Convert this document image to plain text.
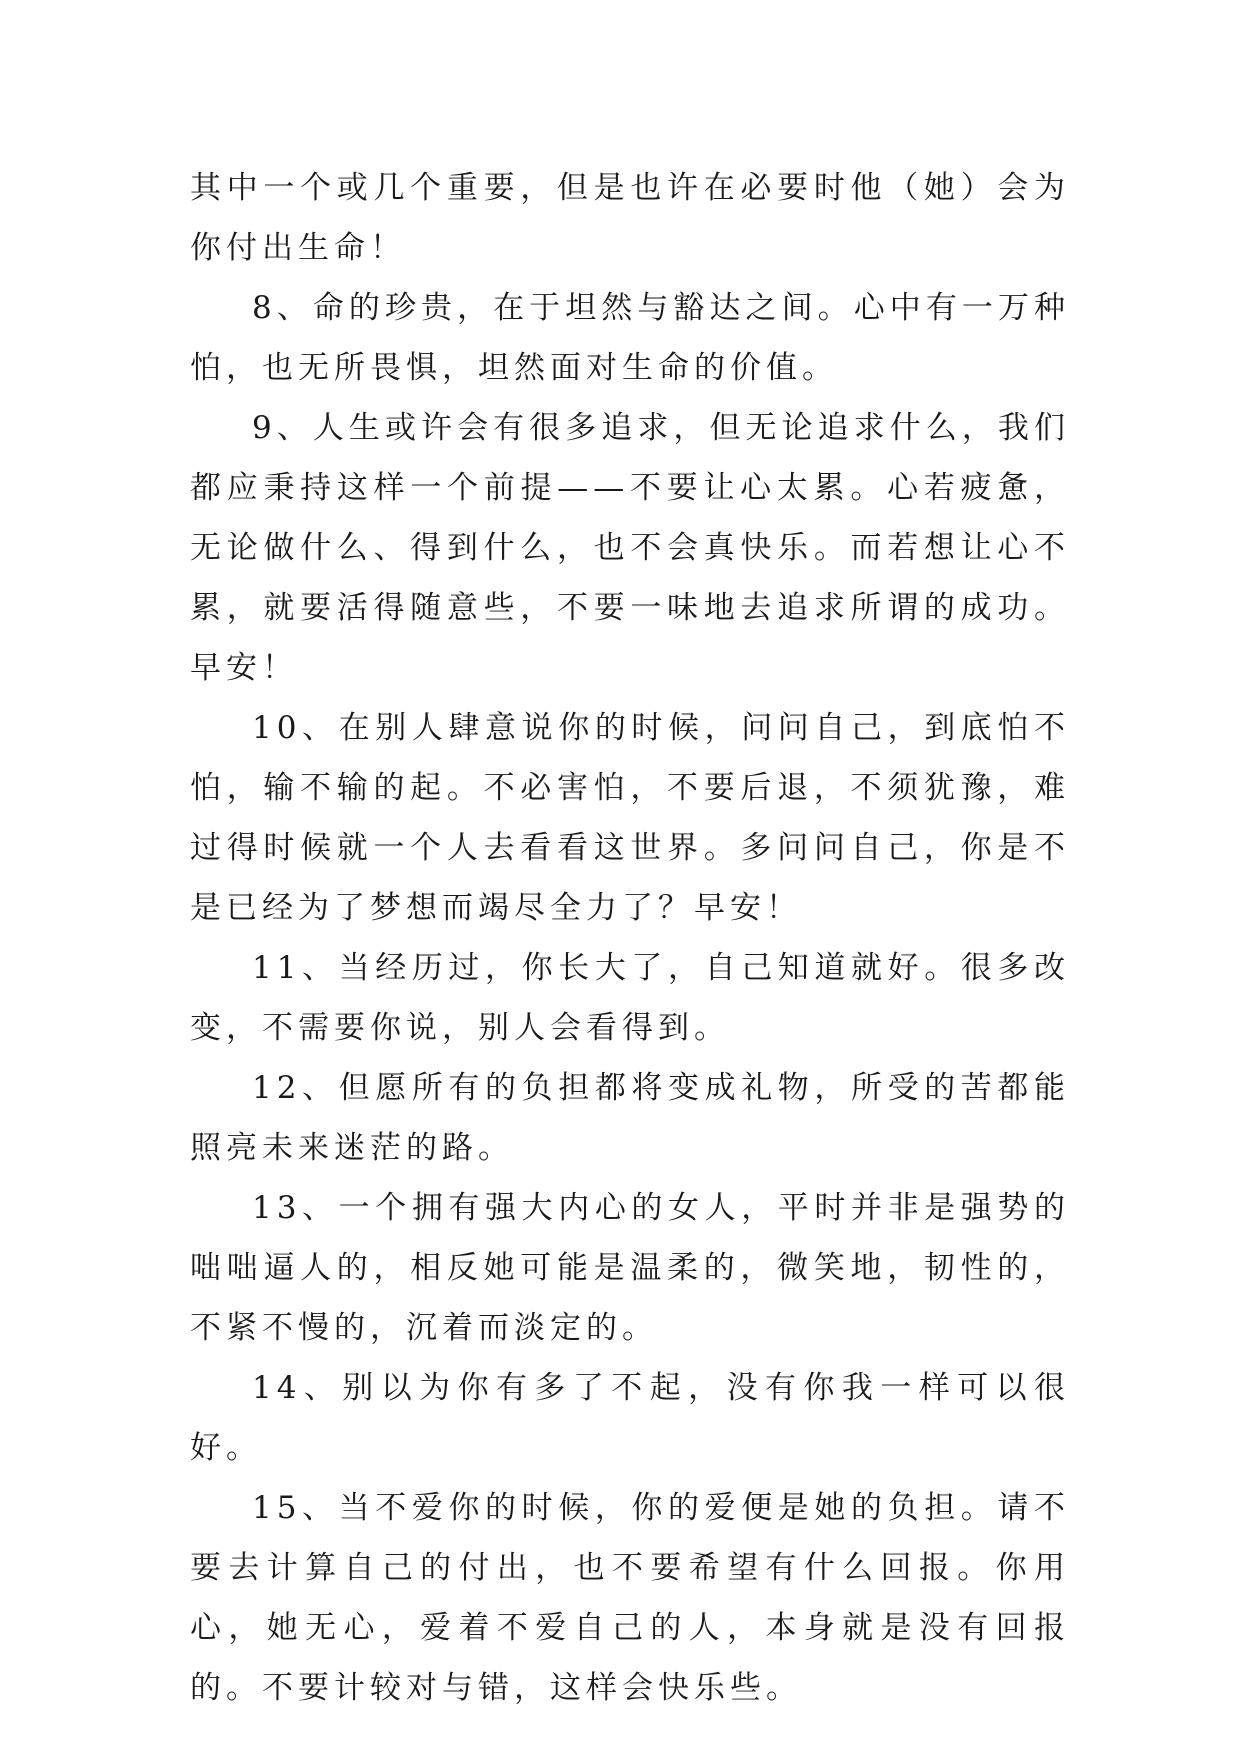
其中一个或几个重要，但是也许在必要时他（她）会为你付出生命！

8、命的珍贵，在于坦然与豁达之间。心中有一万种怕，也无所畏惧，坦然面对生命的价值。

9、人生或许会有很多追求，但无论追求什么，我们都应秉持这样一个前提——不要让心太累。心若疲惫，无论做什么、得到什么，也不会真快乐。而若想让心不累，就要活得随意些，不要一味地去追求所谓的成功。早安！

10、在别人肆意说你的时候，问问自己，到底怕不怕，输不输的起。不必害怕，不要后退，不须犹豫，难过得时候就一个人去看看这世界。多问问自己，你是不是已经为了梦想而竭尽全力了？早安！

11、当经历过，你长大了，自己知道就好。很多改变，不需要你说，别人会看得到。

12、但愿所有的负担都将变成礼物，所受的苦都能照亮未来迷茫的路。

13、一个拥有强大内心的女人，平时并非是强势的咄咄逼人的，相反她可能是温柔的，微笑地，韧性的，不紧不慢的，沉着而淡定的。

14、别以为你有多了不起，没有你我一样可以很好。

15、当不爱你的时候，你的爱便是她的负担。请不要去计算自己的付出，也不要希望有什么回报。你用心，她无心，爱着不爱自己的人，本身就是没有回报的。不要计较对与错，这样会快乐些。
